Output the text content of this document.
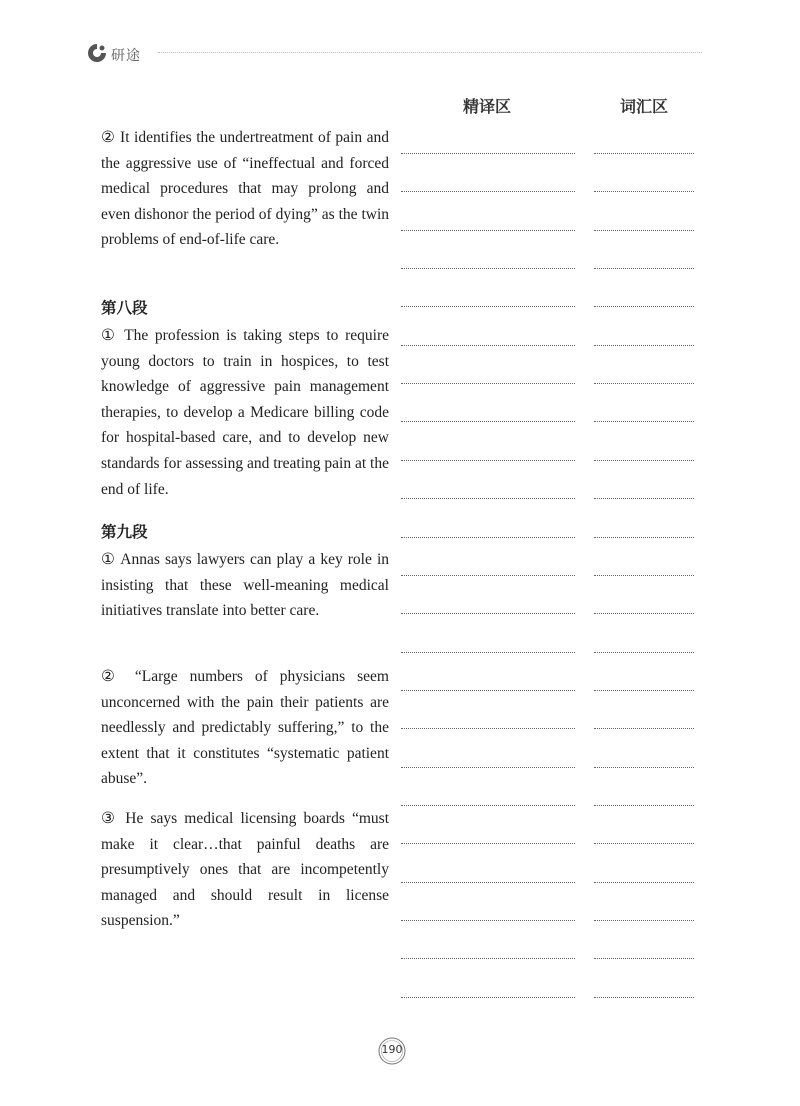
研途
精译区	词汇区

② It identifies the undertreatment of pain and the aggressive use of “ineffectual and forced medical procedures that may prolong and even dishonor the period of dying” as the twin problems of end-of-life care.

第八段

① The profession is taking steps to require young doctors to train in hospices, to test knowledge of aggressive pain management therapies, to develop a Medicare billing code for hospital-based care, and to develop new standards for assessing and treating pain at the end of life.

第九段

① Annas says lawyers can play a key role in insisting that these well-meaning medical initiatives translate into better care.

② “Large numbers of physicians seem unconcerned with the pain their patients are needlessly and predictably suffering,” to the extent that it constitutes “systematic patient abuse”.

③ He says medical licensing boards “must make it clear…that painful deaths are presumptively ones that are incompetently managed and should result in license suspension.”

190
